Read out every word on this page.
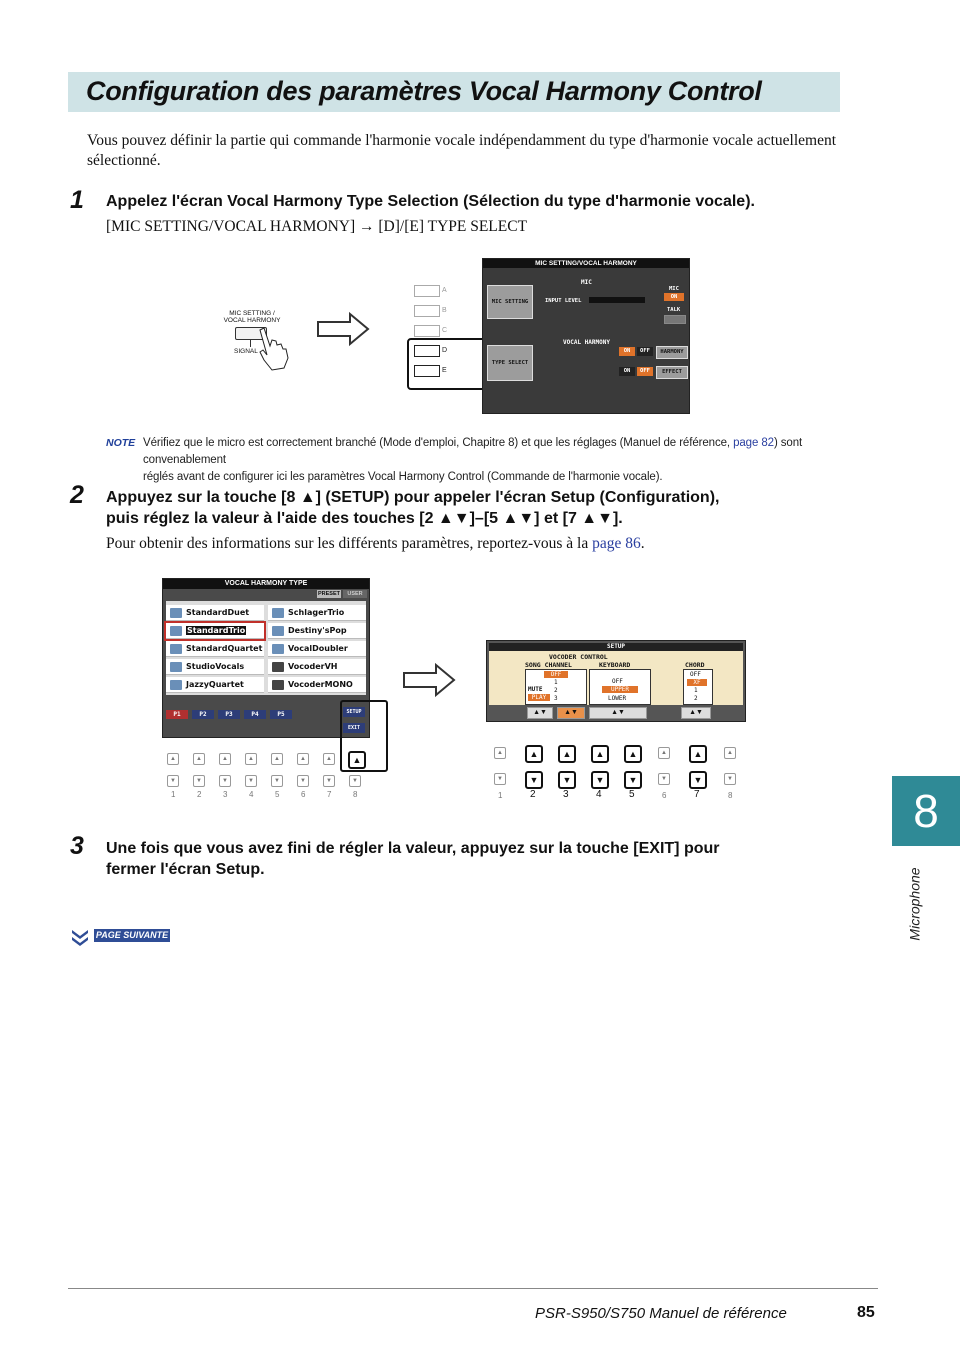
Configuration des paramètres Vocal Harmony Control
Vous pouvez définir la partie qui commande l'harmonie vocale indépendamment du type d'harmonie vocale actuellement sélectionné.
1 Appelez l'écran Vocal Harmony Type Selection (Sélection du type d'harmonie vocale).
[MIC SETTING/VOCAL HARMONY] → [D]/[E] TYPE SELECT
MIC SETTING /
VOCAL HARMONY
SIGNAL
A
B
C
D
E
MIC SETTING/VOCAL HARMONY
MIC
MIC SETTING	INPUT LEVEL
MIC
ON
TALK
VOCAL HARMONY
TYPE SELECT
ON	OFF	HARMONY
ON	OFF	EFFECT
NOTE Vérifiez que le micro est correctement branché (Mode d'emploi, Chapitre 8) et que les réglages (Manuel de référence, page 82) sont convenablement
réglés avant de configurer ici les paramètres Vocal Harmony Control (Commande de l'harmonie vocale).
2 Appuyez sur la touche [8 ▲] (SETUP) pour appeler l'écran Setup (Configuration),
puis réglez la valeur à l'aide des touches [2 ▲▼]–[5 ▲▼] et [7 ▲▼].
Pour obtenir des informations sur les différents paramètres, reportez-vous à la page 86.
VOCAL HARMONY TYPE
PRESET	USER
StandardDuet
StandardTrio
StandardQuartet
StudioVocals
JazzyQuartet
SchlagerTrio
Destiny'sPop
VocalDoubler
VocoderVH
VocoderMONO
P1	P2	P3	P4	P5	SETUP
EXIT
▲	▲	▲	▲	▲	▲	▲	▲
▼	▼	▼	▼	▼	▼	▼	▼
1	2	3	4	5	6	7	8
SETUP
VOCODER CONTROL
SONG CHANNEL	KEYBOARD	CHORD
OFF
1
2
3
MUTE
PLAY
OFF
UPPER
LOWER
OFF
XF
1
2
▲▼	▲▼	▲▼	▲▼
▲	▲	▲	▲	▲	▲	▲	▲
▼	▼	▼	▼	▼	▼	▼	▼
1	2	3	4	5	6	7	8
3 Une fois que vous avez fini de régler la valeur, appuyez sur la touche [EXIT] pour
fermer l'écran Setup.
PAGE SUIVANTE
8
Microphone
PSR-S950/S750 Manuel de référence	85
